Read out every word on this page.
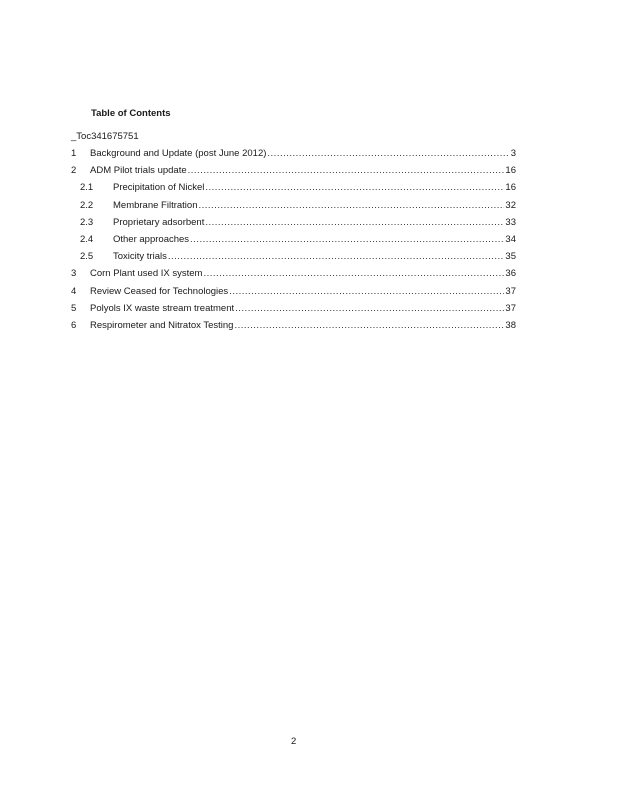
Table of Contents
_Toc341675751
1 Background and Update (post June 2012) .....	3
2 ADM Pilot trials update .....	16
2.1 Precipitation of Nickel .....	16
2.2 Membrane Filtration .....	32
2.3 Proprietary adsorbent .....	33
2.4 Other approaches .....	34
2.5 Toxicity trials .....	35
3 Corn Plant used IX system .....	36
4 Review Ceased for Technologies .....	37
5 Polyols IX waste stream treatment .....	37
6 Respirometer and Nitratox Testing .....	38
2
